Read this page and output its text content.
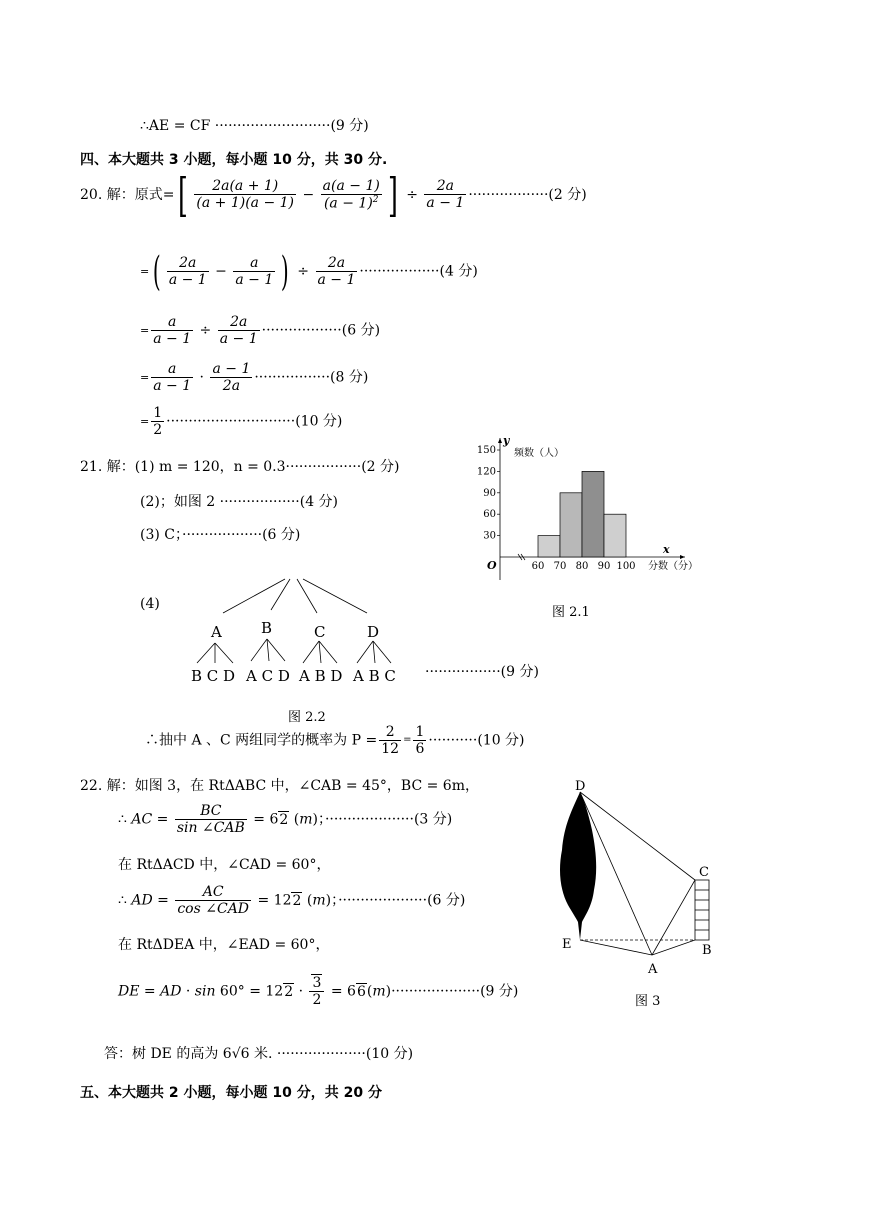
∴AE = CF ··························(9 分)
四、本大题共 3 小题，每小题 10 分，共 30 分.
20. 解：原式=[ $\frac{2a(a + 1)}{(a + 1)(a - 1)} - \frac{a(a - 1)}{(a - 1)^2}$ ] ÷ $\frac{2a}{a - 1} \cdot\cdot\cdot\cdot\cdot\cdot\cdot\cdot\cdot\cdot\cdot\cdot\cdot\cdot\cdot\cdot\cdot\cdot(2$ 分)
=( $\frac{2a}{a - 1} - \frac{a}{a - 1}$ ) ÷ $\frac{2a}{a - 1} \cdot\cdot\cdot\cdot\cdot\cdot\cdot\cdot\cdot\cdot\cdot\cdot\cdot\cdot\cdot\cdot\cdot\cdot(4$ 分)
= $\frac{a}{a - 1} \div \frac{2a}{a - 1} \cdot\cdot\cdot\cdot\cdot\cdot\cdot\cdot\cdot\cdot\cdot\cdot\cdot\cdot\cdot\cdot\cdot\cdot(6$ 分)
= $\frac{a}{a - 1} \cdot \frac{a - 1}{2a} \cdot\cdot\cdot\cdot\cdot\cdot\cdot\cdot\cdot\cdot\cdot\cdot\cdot\cdot\cdot\cdot\cdot(8$ 分)
= $\frac{1}{2} \cdot\cdot\cdot\cdot\cdot\cdot\cdot\cdot\cdot\cdot\cdot\cdot\cdot\cdot\cdot\cdot\cdot\cdot\cdot\cdot\cdot\cdot\cdot\cdot\cdot\cdot\cdot\cdot\cdot(10$ 分)
21. 解：(1) m = 120，n = 0.3·················(2 分)
(2)；如图 2 ··················(4 分)
(3) C；··················(6 分)
(4)
30
60
90
120
150
60 70 80 90 100
频数（人）
分数（分）
y
x
O
图 2.1
A	B	C	D
B C D A C D A B D A B C ·················(9 分)
图 2.2
∴抽中 A 、C 两组同学的概率为 $P = \frac{2}{12} = \frac{1}{6} \cdot\cdot\cdot\cdot\cdot\cdot\cdot\cdot\cdot\cdot\cdot(10$ 分)
22. 解：如图 3，在 RtΔABC 中，∠CAB = 45°，BC = 6m，
∴ AC = $\frac{BC}{\text{sin ∠CAB}} = 62$ (m)；····················(3 分)
在 RtΔACD 中，∠CAD = 60°，
∴ AD = $\frac{AC}{\text{cos ∠CAD}} = 122$ (m)；····················(6 分)
在 RtΔDEA 中，∠EAD = 60°，
DE = AD · $\sin 60^\circ = 122 \cdot \frac{3}{2} = 66(m)\cdot\cdot\cdot\cdot\cdot\cdot\cdot\cdot\cdot\cdot\cdot\cdot\cdot\cdot\cdot\cdot\cdot\cdot\cdot\cdot(9$ 分)
D
C
E	B
A
图 3
答：树 DE 的高为 6√6 米. ····················(10 分)
五、本大题共 2 小题，每小题 10 分，共 20 分
